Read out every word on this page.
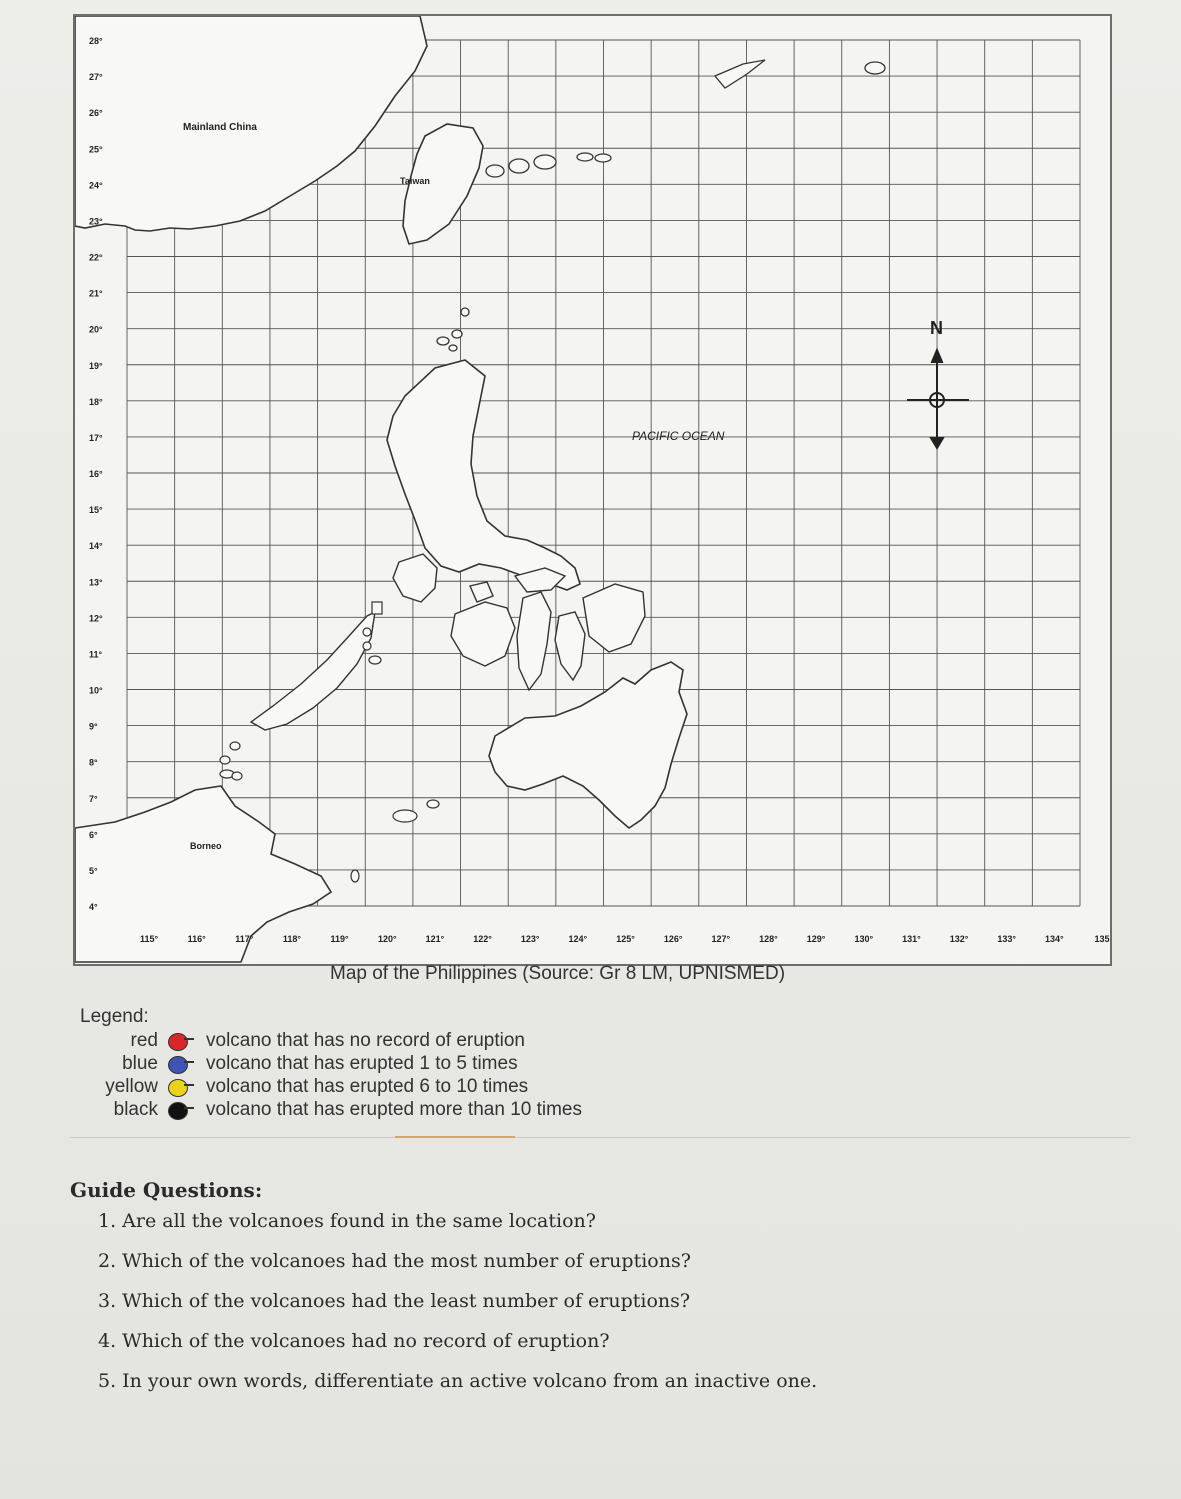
Mainland China
Taiwan
PACIFIC OCEAN
Borneo
N
28°
27°
26°
25°
24°
23°
22°
21°
20°
19°
18°
17°
16°
15°
14°
13°
12°
11°
10°
9°
8°
7°
6°
5°
4°
115°	116°	117°	118°	119°	120°	121°	122°	123°	124°	125°	126°	127°	128°	129°	130°	131°	132°	133°	134°	135
Map of the Philippines (Source: Gr 8 LM, UPNISMED)
Legend:
red	volcano that has no record of eruption
blue	volcano that has erupted 1 to 5 times
yellow	volcano that has erupted 6 to 10 times
black	volcano that has erupted more than 10 times
Guide Questions:
1. Are all the volcanoes found in the same location?
2. Which of the volcanoes had the most number of eruptions?
3. Which of the volcanoes had the least number of eruptions?
4. Which of the volcanoes had no record of eruption?
5. In your own words, differentiate an active volcano from an inactive one.
